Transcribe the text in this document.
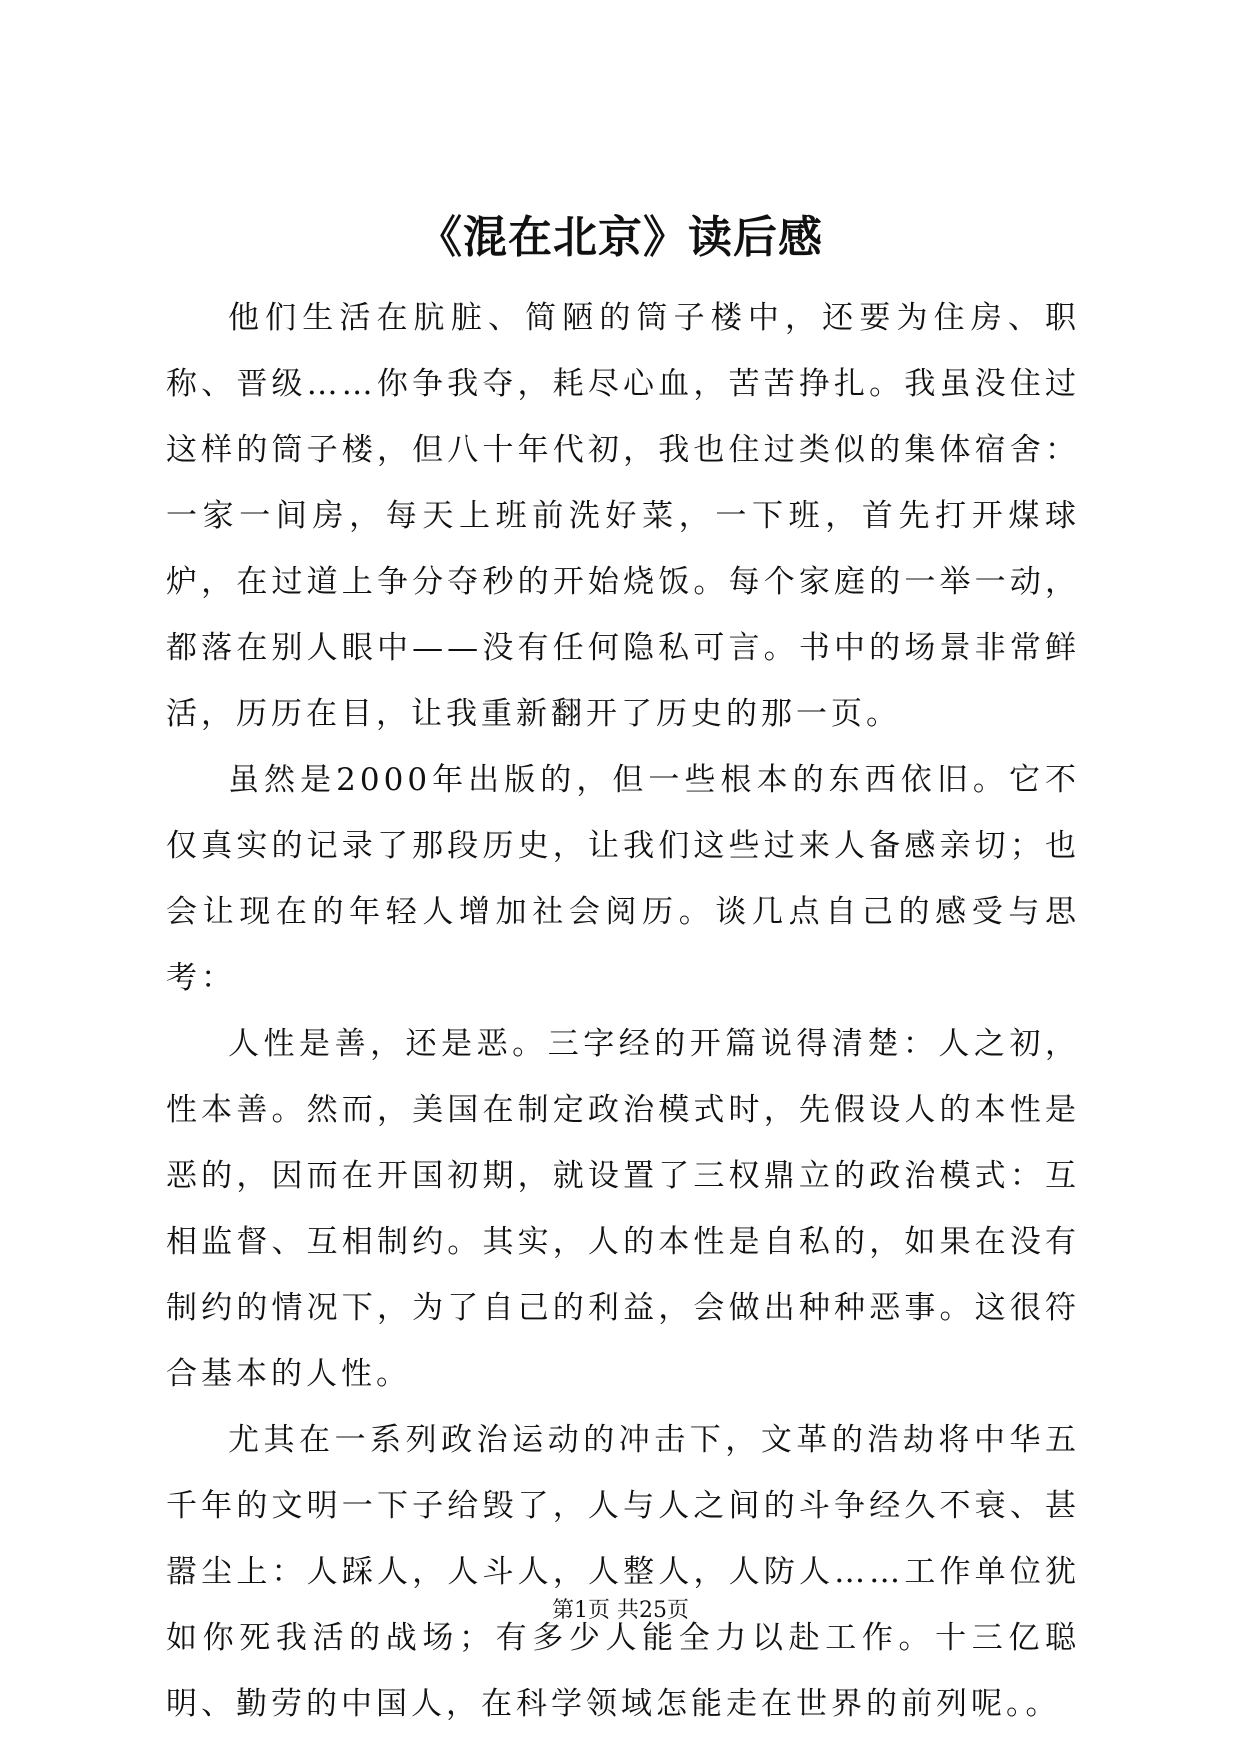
《混在北京》读后感

他们生活在肮脏、简陋的筒子楼中，还要为住房、职称、晋级……你争我夺，耗尽心血，苦苦挣扎。我虽没住过这样的筒子楼，但八十年代初，我也住过类似的集体宿舍：一家一间房，每天上班前洗好菜，一下班，首先打开煤球炉，在过道上争分夺秒的开始烧饭。每个家庭的一举一动，都落在别人眼中——没有任何隐私可言。书中的场景非常鲜活，历历在目，让我重新翻开了历史的那一页。

虽然是2000年出版的，但一些根本的东西依旧。它不仅真实的记录了那段历史，让我们这些过来人备感亲切；也会让现在的年轻人增加社会阅历。谈几点自己的感受与思考：

人性是善，还是恶。三字经的开篇说得清楚：人之初，性本善。然而，美国在制定政治模式时，先假设人的本性是恶的，因而在开国初期，就设置了三权鼎立的政治模式：互相监督、互相制约。其实，人的本性是自私的，如果在没有制约的情况下，为了自己的利益，会做出种种恶事。这很符合基本的人性。

尤其在一系列政治运动的冲击下，文革的浩劫将中华五千年的文明一下子给毁了，人与人之间的斗争经久不衰、甚嚣尘上：人踩人，人斗人，人整人，人防人……工作单位犹如你死我活的战场；有多少人能全力以赴工作。十三亿聪明、勤劳的中国人，在科学领域怎能走在世界的前列呢。。

第1页 共25页
